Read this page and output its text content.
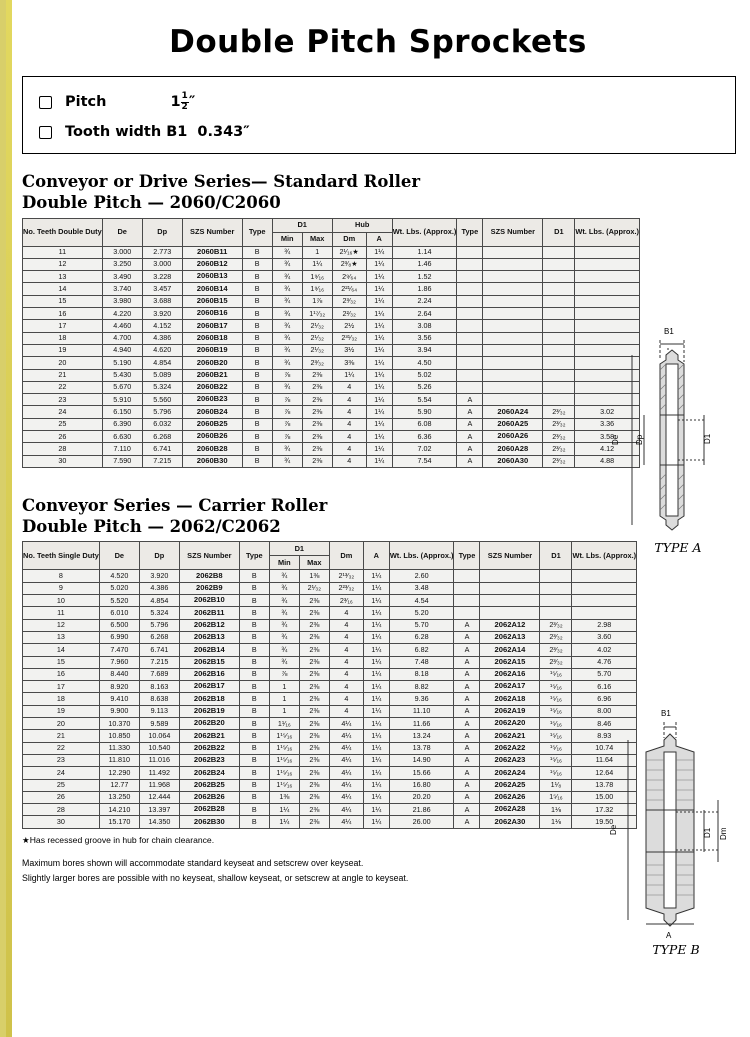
Double Pitch Sprockets
Pitch	$1 \frac{1}{2}$ ″
Tooth width B1 0.343″
Conveyor or Drive Series— Standard Roller
Double Pitch — 2060/C2060
No. Teeth Double Duty	De	Dp	SZS Number	Type	D1		Hub		Wt. Lbs. (Approx.)	Type	SZS Number	D1	Wt. Lbs. (Approx.)
					Min	Max	Dm	A					
11	3.000	2.773	2060B11	B	¾	1	2¹⁄₁₆★	1¼	1.14				
12	3.250	3.000	2060B12	B	¾	1¼	2³⁄₈★	1¼	1.46				
13	3.490	3.228	2060B13	B	¾	1⁹⁄₁₆	2⁹⁄₆₄	1¼	1.52				
14	3.740	3.457	2060B14	B	¾	1⁹⁄₁₆	2²¹⁄₆₄	1¼	1.86				
15	3.980	3.688	2060B15	B	¾	1⅞	2³⁄₃₂	1¼	2.24				
16	4.220	3.920	2060B16	B	¾	1¹⁷⁄₃₂	2²⁄₃₂	1¼	2.64				
17	4.460	4.152	2060B17	B	¾	2¹⁄₃₂	2½	1¼	3.08				
18	4.700	4.386	2060B18	B	¾	2¹⁄₃₂	2³¹⁄₃₂	1¼	3.56				
19	4.940	4.620	2060B19	B	¾	2¹⁄₃₂	3½	1¼	3.94				
20	5.190	4.854	2060B20	B	¾	2³⁄₃₂	3⅜	1¼	4.50				
21	5.430	5.089	2060B21	B	⅞	2⅜	1¼	1¼	5.02				
22	5.670	5.324	2060B22	B	¾	2⅜	4	1¼	5.26				
23	5.910	5.560	2060B23	B	⅞	2⅜	4	1¼	5.54	A			
24	6.150	5.796	2060B24	B	⅞	2⅜	4	1¼	5.90	A	2060A24	2³⁄₃₂	3.02
25	6.390	6.032	2060B25	B	⅞	2⅜	4	1¼	6.08	A	2060A25	2³⁄₃₂	3.36
26	6.630	6.268	2060B26	B	⅞	2⅜	4	1¼	6.36	A	2060A26	2³⁄₃₂	3.58
28	7.110	6.741	2060B28	B	¾	2⅜	4	1¼	7.02	A	2060A28	2³⁄₃₂	4.12
30	7.590	7.215	2060B30	B	¾	2⅜	4	1¼	7.54	A	2060A30	2³⁄₃₂	4.88
B1
De Dp	D1
TYPE A
Conveyor Series — Carrier Roller
Double Pitch — 2062/C2062
No. Teeth Single Duty	De	Dp	SZS Number	Type	D1		Dm	A	Wt. Lbs. (Approx.)	Type	SZS Number	D1	Wt. Lbs. (Approx.)
					Min	Max							
8	4.520	3.920	2062B8	B	¾	1⅜	2¹³⁄₃₂	1¼	2.60				
9	5.020	4.386	2062B9	B	¾	2¹⁄₃₂	2²³⁄₃₂	1¼	3.48				
10	5.520	4.854	2062B10	B	¾	2⅜	2³⁄₁₆	1¼	4.54				
11	6.010	5.324	2062B11	B	¾	2⅜	4	1¼	5.20				
12	6.500	5.796	2062B12	B	¾	2⅜	4	1¼	5.70	A	2062A12	2³⁄₃₂	2.98
13	6.990	6.268	2062B13	B	¾	2⅜	4	1¼	6.28	A	2062A13	2³⁄₃₂	3.60
14	7.470	6.741	2062B14	B	¾	2⅜	4	1¼	6.82	A	2062A14	2³⁄₃₂	4.02
15	7.960	7.215	2062B15	B	¾	2⅜	4	1¼	7.48	A	2062A15	2³⁄₃₂	4.76
16	8.440	7.689	2062B16	B	⅞	2⅜	4	1¼	8.18	A	2062A16	¹⁵⁄₁₆	5.70
17	8.920	8.163	2062B17	B	1	2⅜	4	1¼	8.82	A	2062A17	¹⁵⁄₁₆	6.16
18	9.410	8.638	2062B18	B	1	2⅜	4	1¼	9.36	A	2062A18	¹⁵⁄₁₆	6.96
19	9.900	9.113	2062B19	B	1	2⅜	4	1¼	11.10	A	2062A19	¹⁵⁄₁₆	8.00
20	10.370	9.589	2062B20	B	1¹⁄₁₆	2⅜	4¼	1¼	11.66	A	2062A20	¹⁵⁄₁₆	8.46
21	10.850	10.064	2062B21	B	1¹⁵⁄₁₆	2⅜	4¼	1¼	13.24	A	2062A21	¹⁵⁄₁₆	8.93
22	11.330	10.540	2062B22	B	1¹⁵⁄₁₆	2⅜	4¼	1¼	13.78	A	2062A22	¹⁵⁄₁₆	10.74
23	11.810	11.016	2062B23	B	1¹⁵⁄₁₆	2⅜	4¼	1¼	14.90	A	2062A23	¹⁵⁄₁₆	11.64
24	12.290	11.492	2062B24	B	1¹⁵⁄₁₆	2⅜	4¼	1¼	15.66	A	2062A24	¹⁵⁄₁₆	12.64
25	12.77	11.968	2062B25	B	1¹⁵⁄₁₆	2⅜	4¼	1¼	16.80	A	2062A25	1¹⁄₈	13.78
26	13.250	12.444	2062B26	B	1⅜	2⅜	4¼	1¼	20.20	A	2062A26	1⁵⁄₁₆	15.00
28	14.210	13.397	2062B28	B	1¼	2⅜	4¼	1¼	21.86	A	2062A28	1⅛	17.32
30	15.170	14.350	2062B30	B	1¼	2⅜	4¼	1¼	26.00	A	2062A30	1⅛	19.50
B1
De	D1 Dm
A
TYPE B
★Has recessed groove in hub for chain clearance.
Maximum bores shown will accommodate standard keyseat and setscrew over keyseat.
Slightly larger bores are possible with no keyseat, shallow keyseat, or setscrew at angle to keyseat.
